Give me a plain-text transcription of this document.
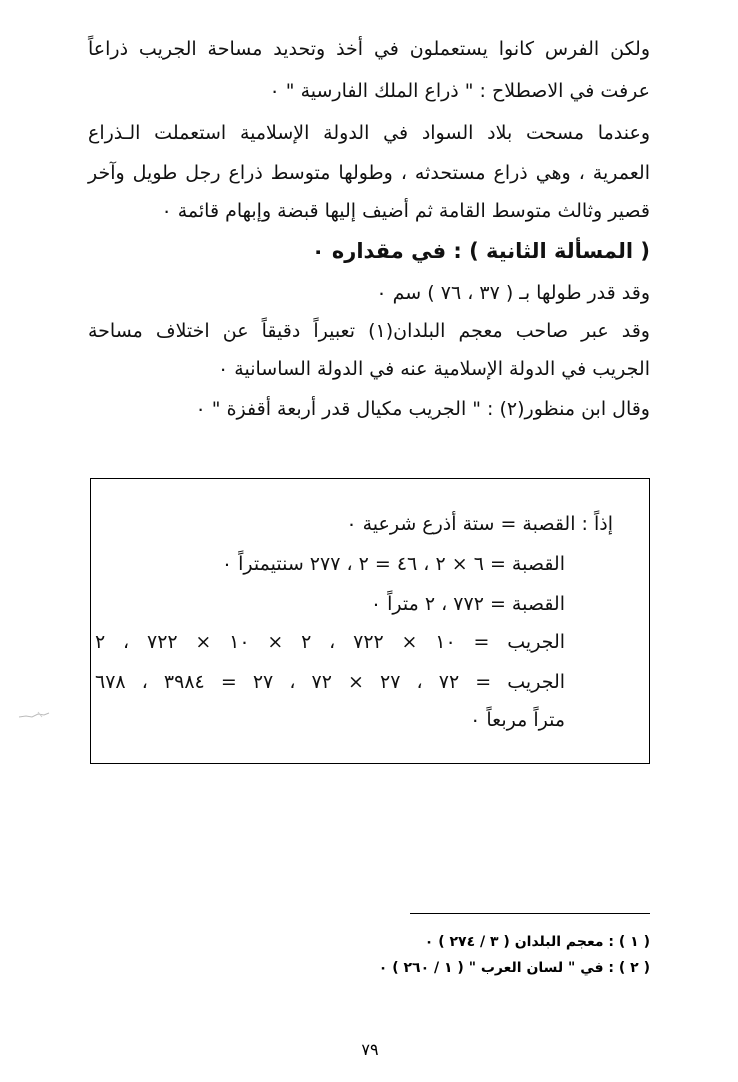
ولكن الفرس كانوا يستعملون في أخذ وتحديد مساحة الجريب ذراعاً
عرفت في الاصطلاح : " ذراع الملك الفارسية " ٠
وعندما مسحت بلاد السواد في الدولة الإسلامية استعملت الـذراع
العمرية ، وهي ذراع مستحدثه ، وطولها متوسط ذراع رجل طويل وآخر
قصير وثالث متوسط القامة ثم أضيف إليها قبضة وإبهام قائمة ٠
( المسألة الثانية ) : في مقداره ٠
وقد قدر طولها بـ ( ٣٧ ، ٧٦ ) سم ٠
وقد عبر صاحب معجم البلدان(١) تعبيراً دقيقاً عن اختلاف مساحة
الجريب في الدولة الإسلامية عنه في الدولة الساسانية ٠
وقال ابن منظور(٢) : " الجريب مكيال قدر أربعة أقفزة " ٠
إذاً : القصبة = ستة أذرع شرعية ٠
القصبة = ٦ × ٢ ، ٤٦ = ٢ ، ٢٧٧ سنتيمتراً ٠
القصبة = ٧٧٢ ، ٢ متراً ٠
الجريب = ١٠ × ٧٢٢ ، ٢ × ١٠ × ٧٢٢ ، ٢
الجريب = ٧٢ ، ٢٧ × ٧٢ ، ٢٧ = ٣٩٨٤ ، ٦٧٨
متراً مربعاً ٠
( ١ ) : معجم البلدان ( ٣ / ٢٧٤ ) ٠
( ٢ ) : في " لسان العرب " ( ١ / ٢٦٠ ) ٠
٧٩
